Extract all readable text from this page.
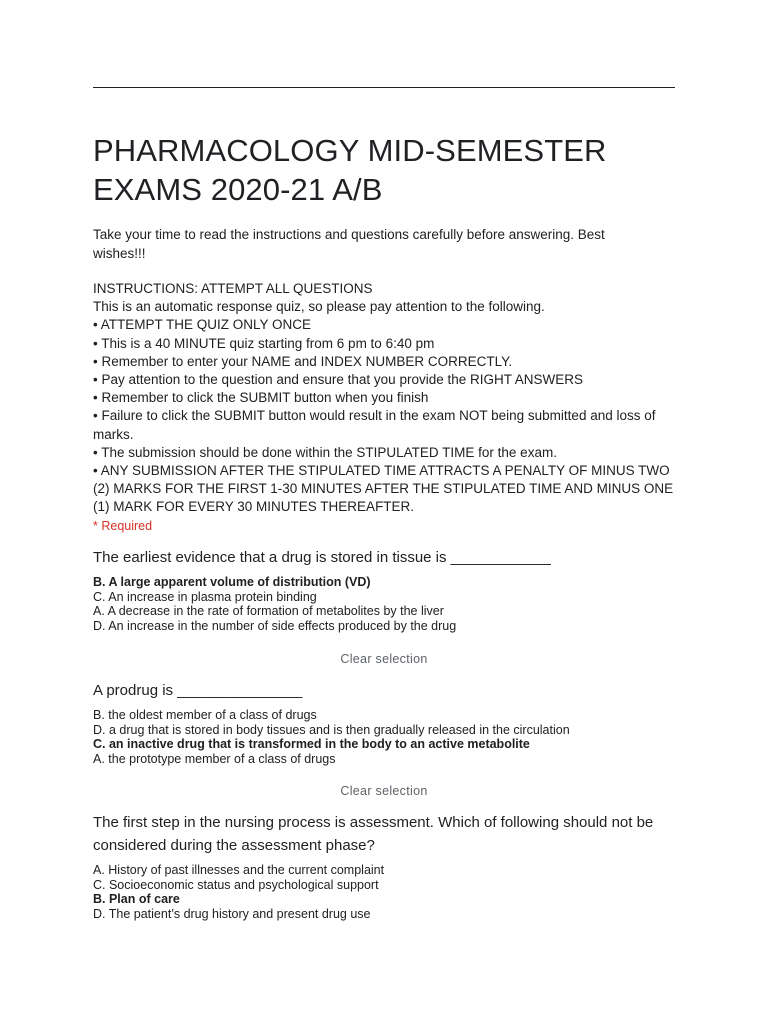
PHARMACOLOGY MID-SEMESTER EXAMS 2020-21 A/B
Take your time to read the instructions and questions carefully before answering. Best wishes!!!
INSTRUCTIONS: ATTEMPT ALL QUESTIONS
This is an automatic response quiz, so please pay attention to the following.
• ATTEMPT THE QUIZ ONLY ONCE
• This is a 40 MINUTE quiz starting from 6 pm to 6:40 pm
• Remember to enter your NAME and INDEX NUMBER CORRECTLY.
• Pay attention to the question and ensure that you provide the RIGHT ANSWERS
• Remember to click the SUBMIT button when you finish
• Failure to click the SUBMIT button would result in the exam NOT being submitted and loss of marks.
• The submission should be done within the STIPULATED TIME for the exam.
• ANY SUBMISSION AFTER THE STIPULATED TIME ATTRACTS A PENALTY OF MINUS TWO (2) MARKS FOR THE FIRST 1-30 MINUTES AFTER THE STIPULATED TIME AND MINUS ONE (1) MARK FOR EVERY 30 MINUTES THEREAFTER.
* Required

The earliest evidence that a drug is stored in tissue is ____________

B. A large apparent volume of distribution (VD)
C. An increase in plasma protein binding
A. A decrease in the rate of formation of metabolites by the liver
D. An increase in the number of side effects produced by the drug
Clear selection

A prodrug is _______________

B. the oldest member of a class of drugs
D. a drug that is stored in body tissues and is then gradually released in the circulation
C. an inactive drug that is transformed in the body to an active metabolite
A. the prototype member of a class of drugs
Clear selection

The first step in the nursing process is assessment. Which of following should not be considered during the assessment phase?

A. History of past illnesses and the current complaint
C. Socioeconomic status and psychological support
B. Plan of care
D. The patient’s drug history and present drug use
